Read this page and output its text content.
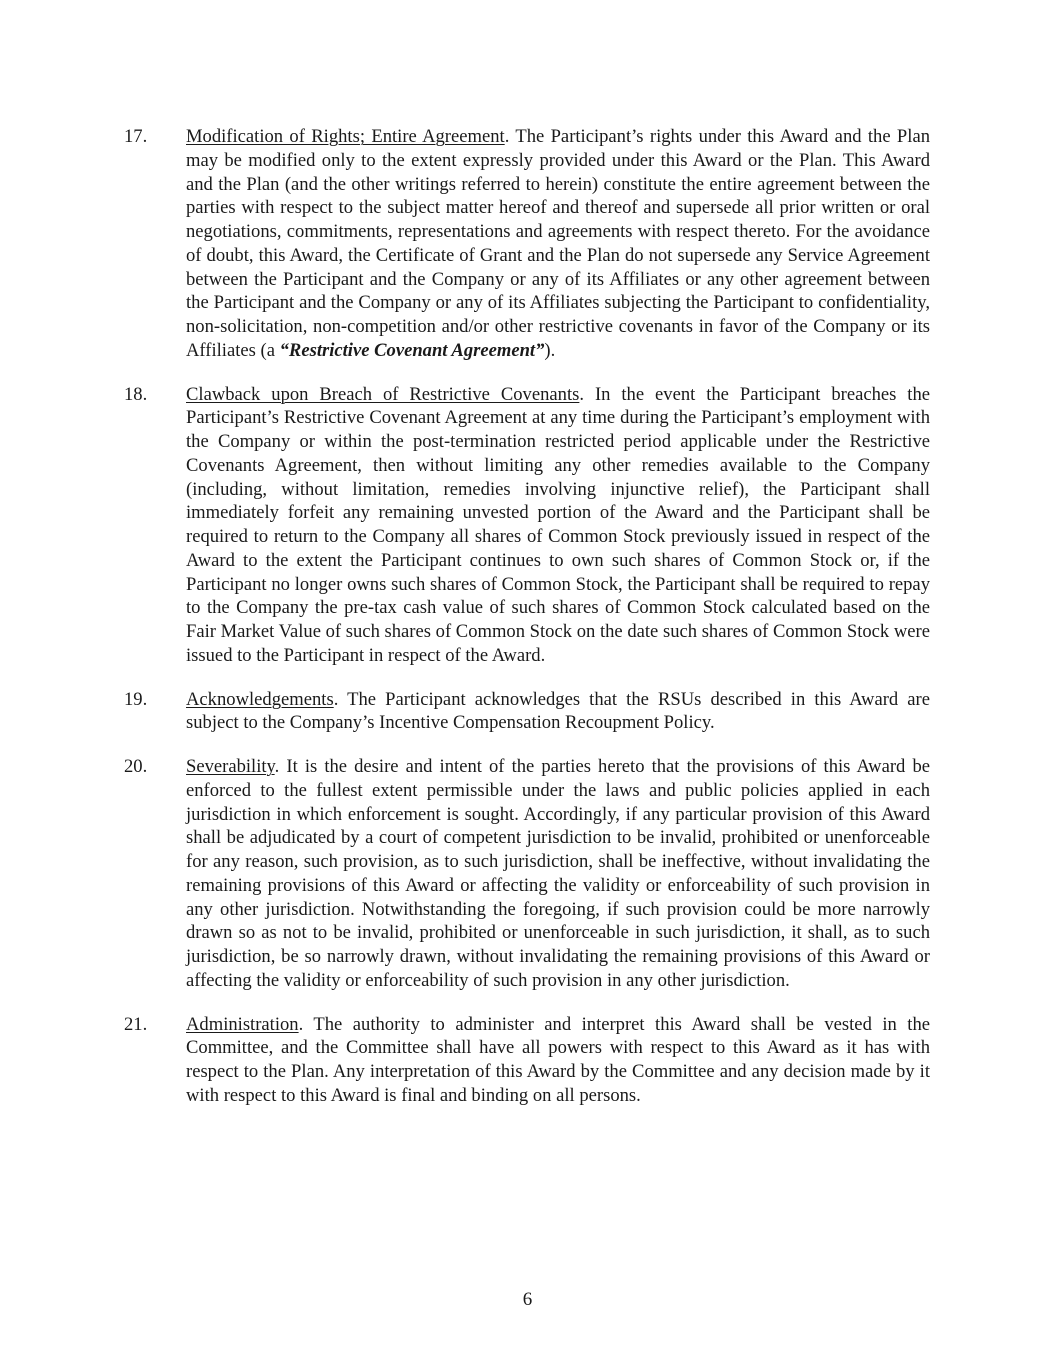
17.	Modification of Rights; Entire Agreement. The Participant’s rights under this Award and the Plan may be modified only to the extent expressly provided under this Award or the Plan. This Award and the Plan (and the other writings referred to herein) constitute the entire agreement between the parties with respect to the subject matter hereof and thereof and supersede all prior written or oral negotiations, commitments, representations and agreements with respect thereto. For the avoidance of doubt, this Award, the Certificate of Grant and the Plan do not supersede any Service Agreement between the Participant and the Company or any of its Affiliates or any other agreement between the Participant and the Company or any of its Affiliates subjecting the Participant to confidentiality, non-solicitation, non-competition and/or other restrictive covenants in favor of the Company or its Affiliates (a “Restrictive Covenant Agreement”).
18.	Clawback upon Breach of Restrictive Covenants. In the event the Participant breaches the Participant’s Restrictive Covenant Agreement at any time during the Participant’s employment with the Company or within the post-termination restricted period applicable under the Restrictive Covenants Agreement, then without limiting any other remedies available to the Company (including, without limitation, remedies involving injunctive relief), the Participant shall immediately forfeit any remaining unvested portion of the Award and the Participant shall be required to return to the Company all shares of Common Stock previously issued in respect of the Award to the extent the Participant continues to own such shares of Common Stock or, if the Participant no longer owns such shares of Common Stock, the Participant shall be required to repay to the Company the pre-tax cash value of such shares of Common Stock calculated based on the Fair Market Value of such shares of Common Stock on the date such shares of Common Stock were issued to the Participant in respect of the Award.
19.	Acknowledgements. The Participant acknowledges that the RSUs described in this Award are subject to the Company’s Incentive Compensation Recoupment Policy.
20.	Severability. It is the desire and intent of the parties hereto that the provisions of this Award be enforced to the fullest extent permissible under the laws and public policies applied in each jurisdiction in which enforcement is sought. Accordingly, if any particular provision of this Award shall be adjudicated by a court of competent jurisdiction to be invalid, prohibited or unenforceable for any reason, such provision, as to such jurisdiction, shall be ineffective, without invalidating the remaining provisions of this Award or affecting the validity or enforceability of such provision in any other jurisdiction. Notwithstanding the foregoing, if such provision could be more narrowly drawn so as not to be invalid, prohibited or unenforceable in such jurisdiction, it shall, as to such jurisdiction, be so narrowly drawn, without invalidating the remaining provisions of this Award or affecting the validity or enforceability of such provision in any other jurisdiction.
21.	Administration. The authority to administer and interpret this Award shall be vested in the Committee, and the Committee shall have all powers with respect to this Award as it has with respect to the Plan. Any interpretation of this Award by the Committee and any decision made by it with respect to this Award is final and binding on all persons.
6
